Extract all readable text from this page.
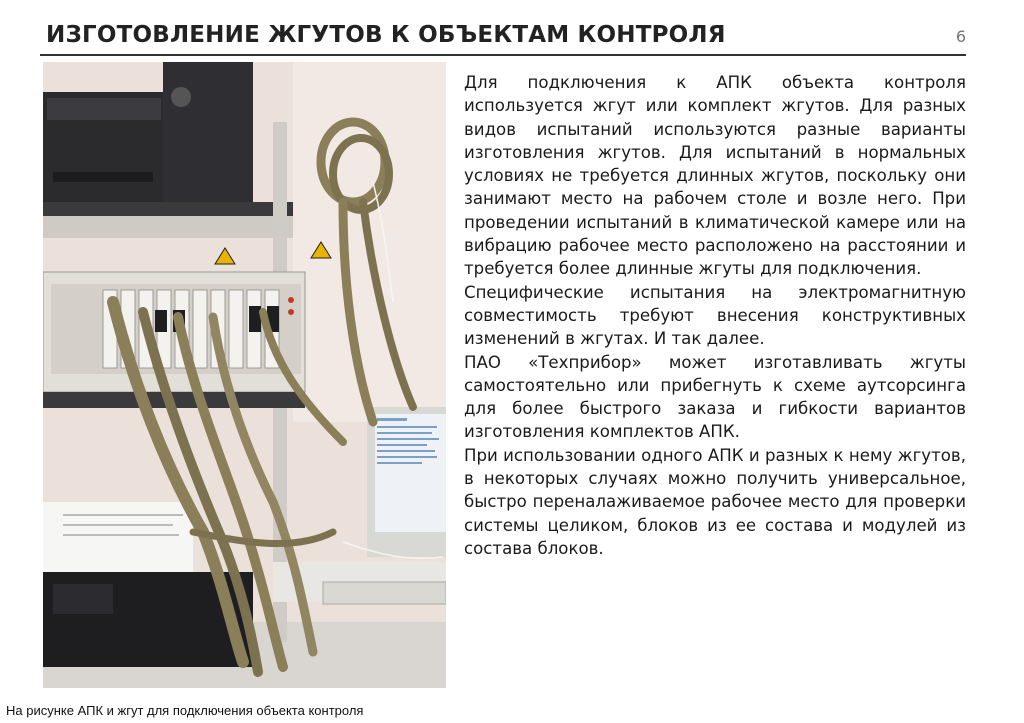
ИЗГОТОВЛЕНИЕ ЖГУТОВ К ОБЪЕКТАМ КОНТРОЛЯ	6

Для подключения к АПК объекта контроля используется жгут или комплект жгутов. Для разных видов испытаний используются разные варианты изготовления жгутов. Для испытаний в нормальных условиях не требуется длинных жгутов, поскольку они занимают место на рабочем столе и возле него. При проведении испытаний в климатической камере или на вибрацию рабочее место расположено на расстоянии и требуется более длинные жгуты для подключения.

Специфические испытания на электромагнитную совместимость требуют внесения конструктивных изменений в жгутах. И так далее.

ПАО «Техприбор» может изготавливать жгуты самостоятельно или прибегнуть к схеме аутсорсинга для более быстрого заказа и гибкости вариантов изготовления комплектов АПК.

При использовании одного АПК и разных к нему жгутов, в некоторых случаях можно получить универсальное, быстро переналаживаемое рабочее место для проверки системы целиком, блоков из ее состава и модулей из состава блоков.

На рисунке АПК и жгут для подключения объекта контроля
